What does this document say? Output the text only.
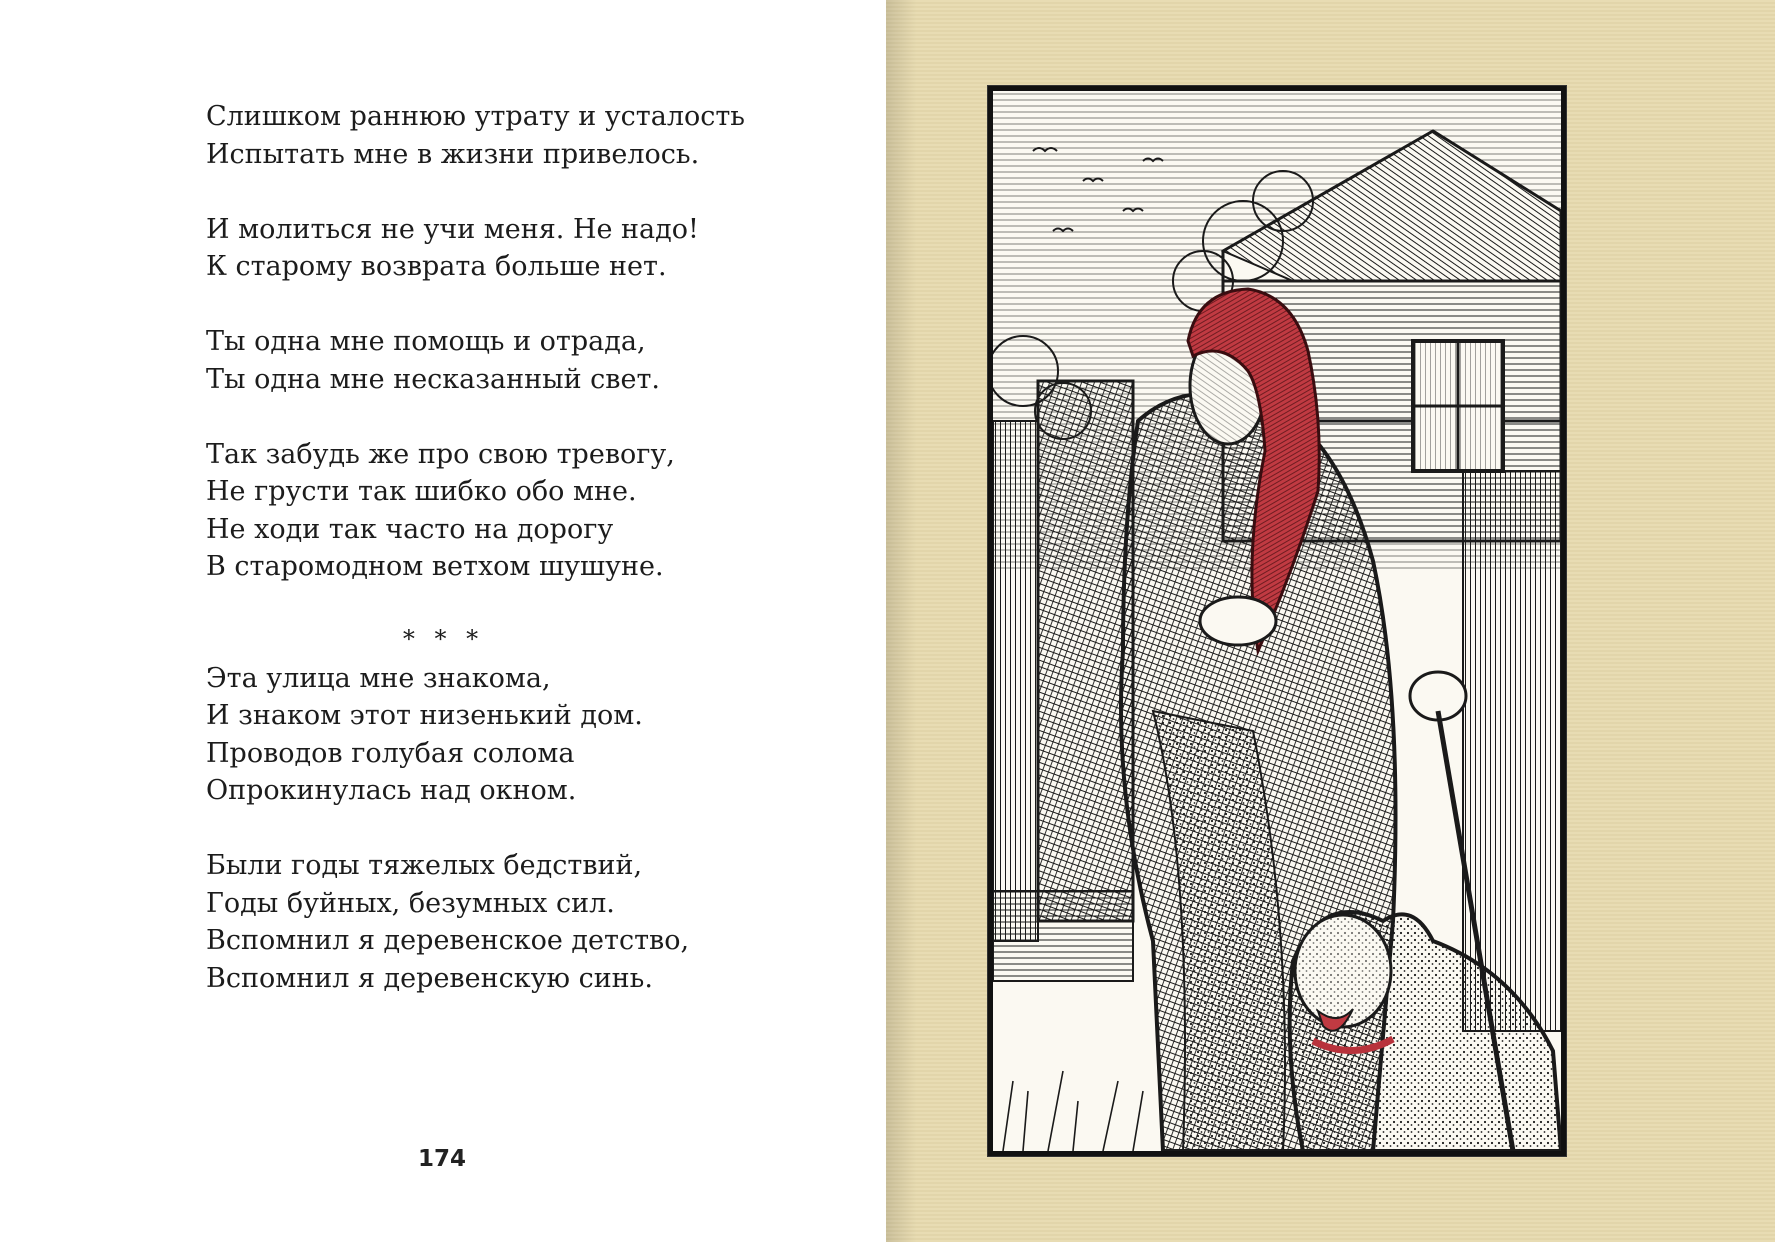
Слишком раннюю утрату и усталость
Испытать мне в жизни привелось.
И молиться не учи меня. Не надо!
К старому возврата больше нет.
Ты одна мне помощь и отрада,
Ты одна мне несказанный свет.
Так забудь же про свою тревогу,
Не грусти так шибко обо мне.
Не ходи так часто на дорогу
В старомодном ветхом шушуне.
* * *
Эта улица мне знакома,
И знаком этот низенький дом.
Проводов голубая солома
Опрокинулась над окном.
Были годы тяжелых бедствий,
Годы буйных, безумных сил.
Вспомнил я деревенское детство,
Вспомнил я деревенскую синь.
174
